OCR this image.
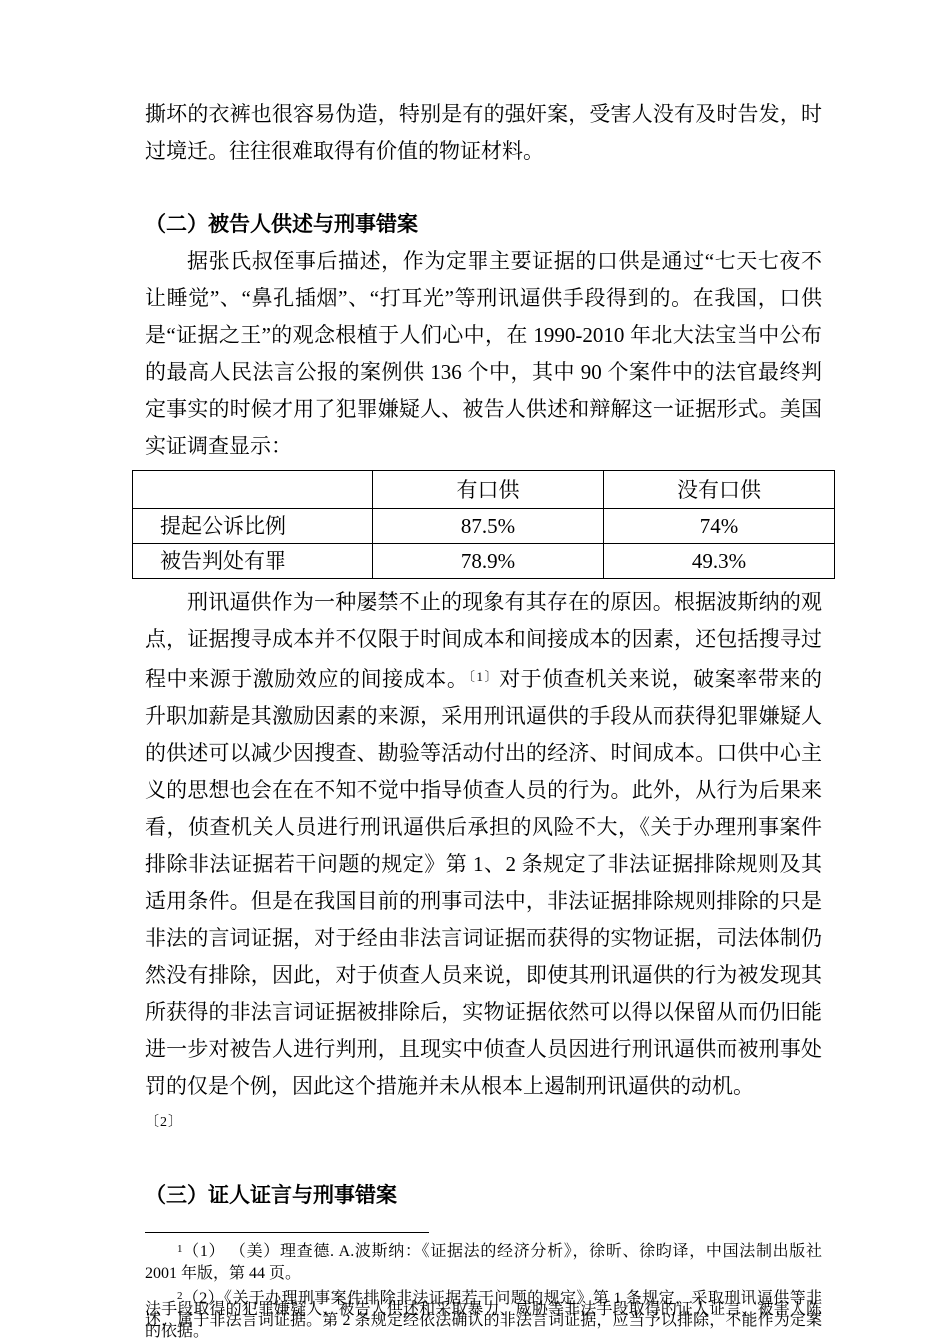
撕坏的衣裤也很容易伪造，特别是有的强奸案，受害人没有及时告发，时过境迁。往往很难取得有价值的物证材料。

（二）被告人供述与刑事错案

据张氏叔侄事后描述，作为定罪主要证据的口供是通过“七天七夜不让睡觉”、“鼻孔插烟”、“打耳光”等刑讯逼供手段得到的。在我国，口供是“证据之王”的观念根植于人们心中，在 1990-2010 年北大法宝当中公布的最高人民法言公报的案例供 136 个中，其中 90 个案件中的法官最终判定事实的时候才用了犯罪嫌疑人、被告人供述和辩解这一证据形式。美国实证调查显示：

	有口供	没有口供
提起公诉比例	87.5%	74%
被告判处有罪	78.9%	49.3%

刑讯逼供作为一种屡禁不止的现象有其存在的原因。根据波斯纳的观点，证据搜寻成本并不仅限于时间成本和间接成本的因素，还包括搜寻过程中来源于激励效应的间接成本。$^{〔1〕}$对于侦查机关来说，破案率带来的升职加薪是其激励因素的来源，采用刑讯逼供的手段从而获得犯罪嫌疑人的供述可以减少因搜查、勘验等活动付出的经济、时间成本。口供中心主义的思想也会在在不知不觉中指导侦查人员的行为。此外，从行为后果来看，侦查机关人员进行刑讯逼供后承担的风险不大，《关于办理刑事案件排除非法证据若干问题的规定》第 1、2 条规定了非法证据排除规则及其适用条件。但是在我国目前的刑事司法中，非法证据排除规则排除的只是非法的言词证据，对于经由非法言词证据而获得的实物证据，司法体制仍然没有排除，因此，对于侦查人员来说，即使其刑讯逼供的行为被发现其所获得的非法言词证据被排除后，实物证据依然可以得以保留从而仍旧能进一步对被告人进行判刑，且现实中侦查人员因进行刑讯逼供而被刑事处罚的仅是个例，因此这个措施并未从根本上遏制刑讯逼供的动机。

〔2〕

（三）证人证言与刑事错案

$^1$（1） （美）理查德. A.波斯纳：《证据法的经济分析》，徐昕、徐昀译，中国法制出版社 2001 年版，第 44 页。

$^2$（2）《关于办理刑事案件排除非法证据若干问题的规定》第 1 条规定，采取刑讯逼供等非法手段取得的犯罪嫌疑人、被告人供述和采取暴力、威胁等非法手段取得的证人证言、被害人陈述，属于非法言词证据。第 2 条规定经依法确认的非法言词证据，应当予以排除，不能作为定案的依据。
